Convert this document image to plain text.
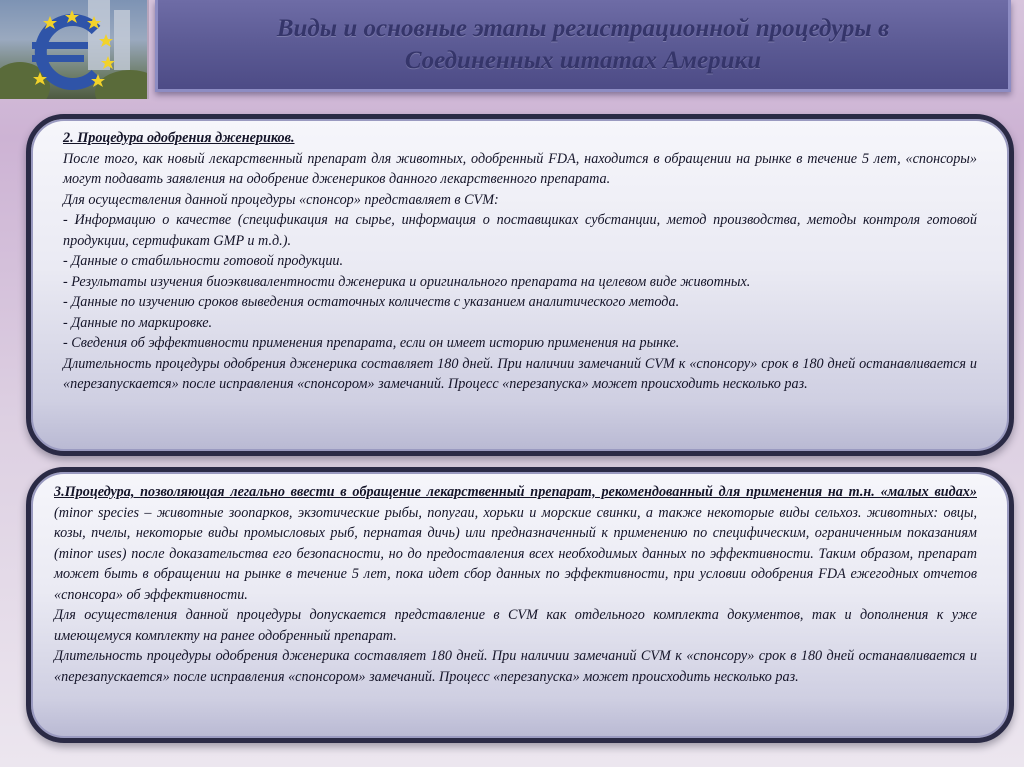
Виды и основные этапы регистрационной процедуры в
Соединенных штатах Америки

2. Процедура одобрения дженериков.

После того, как новый лекарственный препарат для животных, одобренный FDA, находится в обращении на рынке в течение 5 лет, «спонсоры» могут подавать заявления на одобрение дженериков данного лекарственного препарата.

Для осуществления данной процедуры «спонсор» представляет в CVM:

- Информацию о качестве (спецификация на сырье, информация о поставщиках субстанции, метод производства, методы контроля готовой продукции, сертификат GMP и т.д.).

- Данные о стабильности готовой продукции.

- Результаты изучения биоэквивалентности дженерика и оригинального препарата на целевом виде животных.

- Данные по изучению сроков выведения остаточных количеств с указанием аналитического метода.

- Данные по маркировке.

- Сведения об эффективности применения препарата, если он имеет историю применения на рынке.

Длительность процедуры одобрения дженерика составляет 180 дней. При наличии замечаний CVM к «спонсору» срок в 180 дней останавливается и «перезапускается» после исправления «спонсором» замечаний. Процесс «перезапуска» может происходить несколько раз.

3.Процедура, позволяющая легально ввести в обращение лекарственный препарат, рекомендованный для применения на т.н. «малых видах» (minor species – животные зоопарков, экзотические рыбы, попугаи, хорьки и морские свинки, а также некоторые виды сельхоз. животных: овцы, козы, пчелы, некоторые виды промысловых рыб, пернатая дичь) или предназначенный к применению по специфическим, ограниченным показаниям (minor uses) после доказательства его безопасности, но до предоставления всех необходимых данных по эффективности. Таким образом, препарат может быть в обращении на рынке в течение 5 лет, пока идет сбор данных по эффективности, при условии одобрения FDA ежегодных отчетов «спонсора» об эффективности.

Для осуществления данной процедуры допускается представление в CVM как отдельного комплекта документов, так и дополнения к уже имеющемуся комплекту на ранее одобренный препарат.

Длительность процедуры одобрения дженерика составляет 180 дней. При наличии замечаний CVM к «спонсору» срок в 180 дней останавливается и «перезапускается» после исправления «спонсором» замечаний. Процесс «перезапуска» может происходить несколько раз.
